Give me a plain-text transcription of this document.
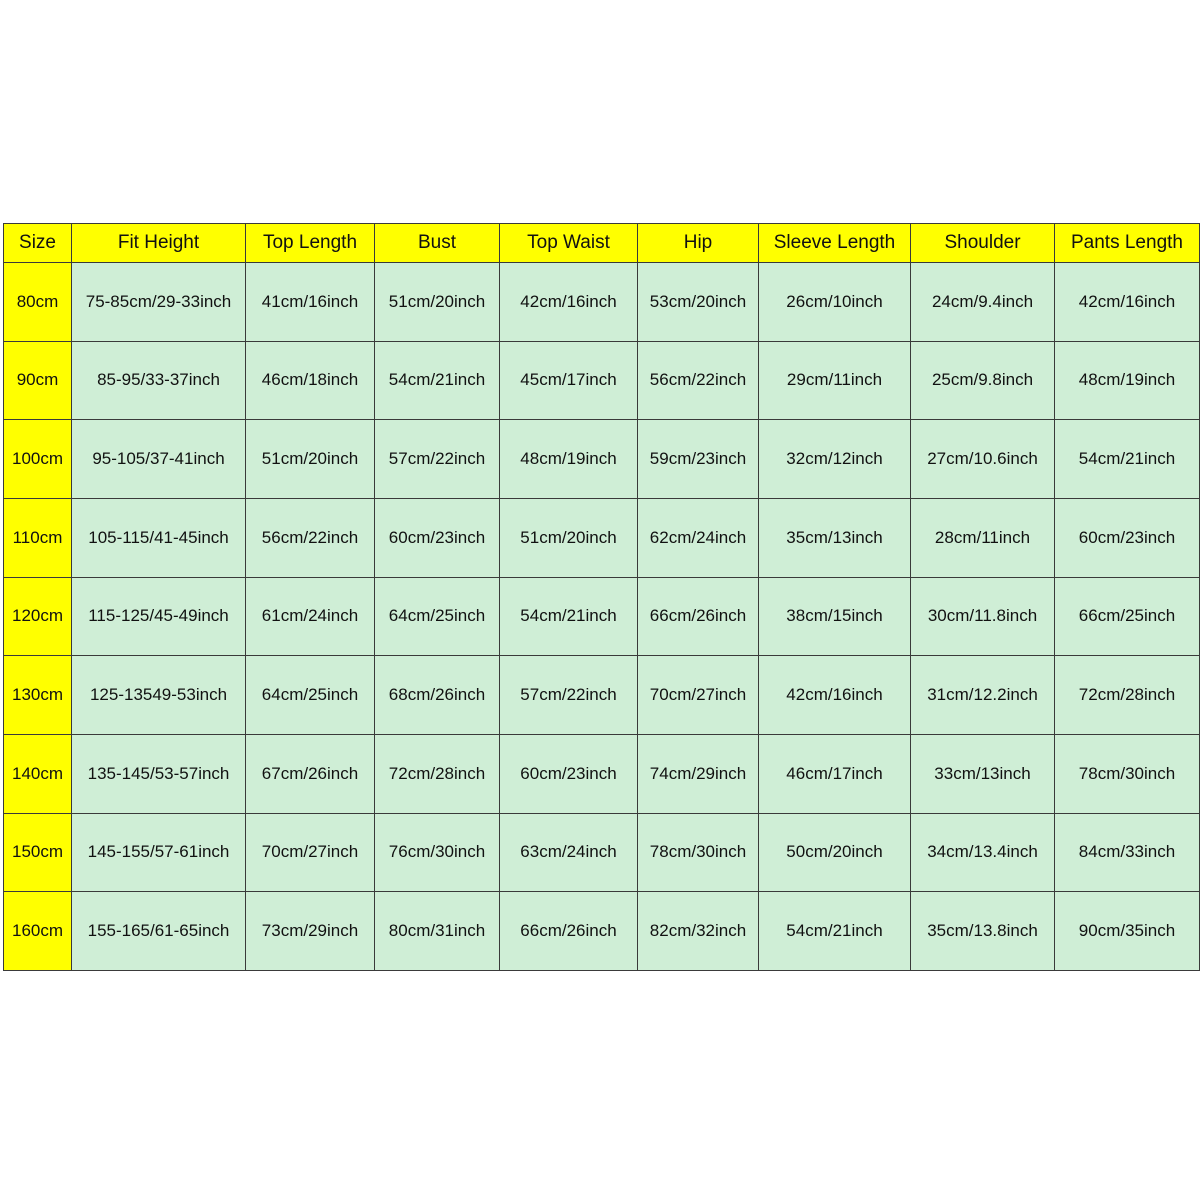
Size	Fit Height	Top Length	Bust	Top Waist	Hip	Sleeve Length	Shoulder	Pants Length
80cm	75-85cm/29-33inch	41cm/16inch	51cm/20inch	42cm/16inch	53cm/20inch	26cm/10inch	24cm/9.4inch	42cm/16inch
90cm	85-95/33-37inch	46cm/18inch	54cm/21inch	45cm/17inch	56cm/22inch	29cm/11inch	25cm/9.8inch	48cm/19inch
100cm	95-105/37-41inch	51cm/20inch	57cm/22inch	48cm/19inch	59cm/23inch	32cm/12inch	27cm/10.6inch	54cm/21inch
110cm	105-115/41-45inch	56cm/22inch	60cm/23inch	51cm/20inch	62cm/24inch	35cm/13inch	28cm/11inch	60cm/23inch
120cm	115-125/45-49inch	61cm/24inch	64cm/25inch	54cm/21inch	66cm/26inch	38cm/15inch	30cm/11.8inch	66cm/25inch
130cm	125-13549-53inch	64cm/25inch	68cm/26inch	57cm/22inch	70cm/27inch	42cm/16inch	31cm/12.2inch	72cm/28inch
140cm	135-145/53-57inch	67cm/26inch	72cm/28inch	60cm/23inch	74cm/29inch	46cm/17inch	33cm/13inch	78cm/30inch
150cm	145-155/57-61inch	70cm/27inch	76cm/30inch	63cm/24inch	78cm/30inch	50cm/20inch	34cm/13.4inch	84cm/33inch
160cm	155-165/61-65inch	73cm/29inch	80cm/31inch	66cm/26inch	82cm/32inch	54cm/21inch	35cm/13.8inch	90cm/35inch
